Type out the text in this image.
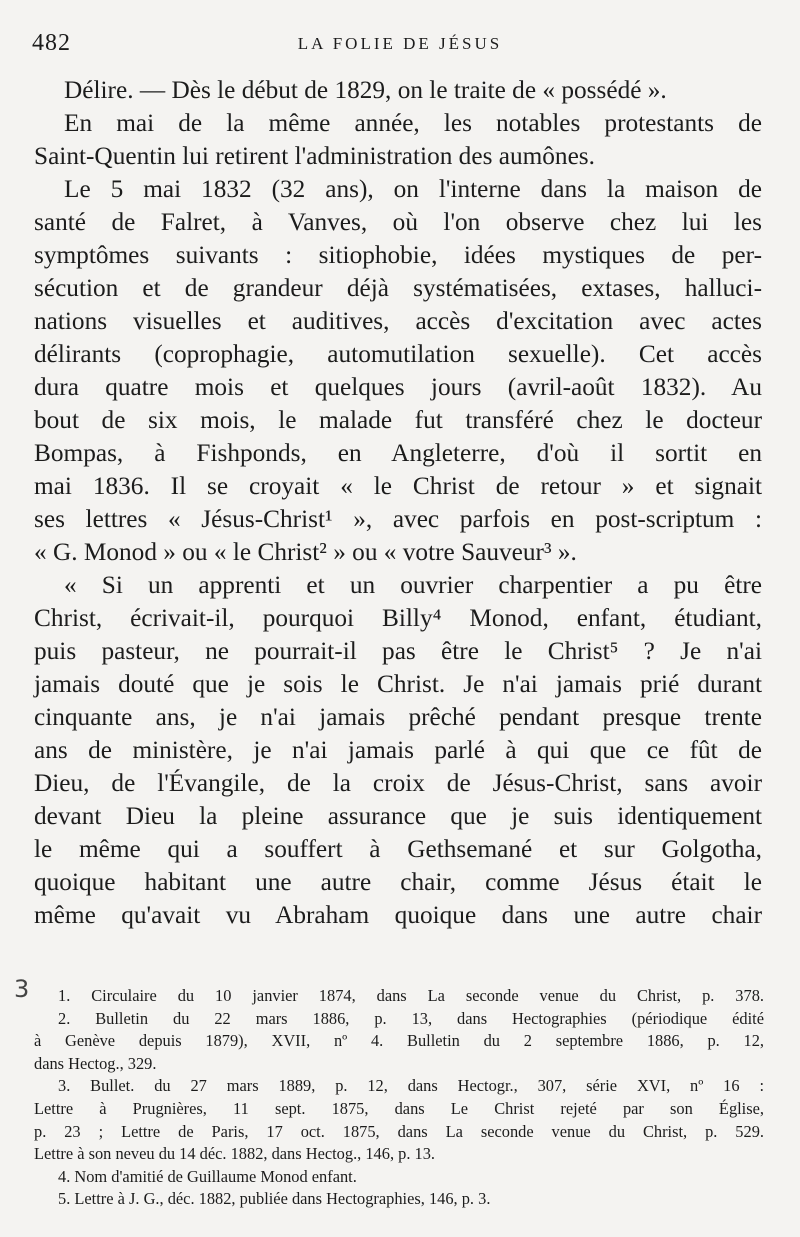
482	LA FOLIE DE JÉSUS
Délire. — Dès le début de 1829, on le traite de « possédé ».
En mai de la même année, les notables protestants de
Saint-Quentin lui retirent l'administration des aumônes.
Le 5 mai 1832 (32 ans), on l'interne dans la maison de
santé de Falret, à Vanves, où l'on observe chez lui les
symptômes suivants : sitiophobie, idées mystiques de per-
sécution et de grandeur déjà systématisées, extases, halluci-
nations visuelles et auditives, accès d'excitation avec actes
délirants (coprophagie, automutilation sexuelle). Cet accès
dura quatre mois et quelques jours (avril-août 1832). Au
bout de six mois, le malade fut transféré chez le docteur
Bompas, à Fishponds, en Angleterre, d'où il sortit en
mai 1836. Il se croyait « le Christ de retour » et signait
ses lettres « Jésus-Christ¹ », avec parfois en post-scriptum :
« G. Monod » ou « le Christ² » ou « votre Sauveur³ ».
« Si un apprenti et un ouvrier charpentier a pu être
Christ, écrivait-il, pourquoi Billy⁴ Monod, enfant, étudiant,
puis pasteur, ne pourrait-il pas être le Christ⁵ ? Je n'ai
jamais douté que je sois le Christ. Je n'ai jamais prié durant
cinquante ans, je n'ai jamais prêché pendant presque trente
ans de ministère, je n'ai jamais parlé à qui que ce fût de
Dieu, de l'Évangile, de la croix de Jésus-Christ, sans avoir
devant Dieu la pleine assurance que je suis identiquement
le même qui a souffert à Gethsemané et sur Golgotha,
quoique habitant une autre chair, comme Jésus était le
même qu'avait vu Abraham quoique dans une autre chair
3	1. Circulaire du 10 janvier 1874, dans La seconde venue du Christ, p. 378.
2. Bulletin du 22 mars 1886, p. 13, dans Hectographies (périodique édité
à Genève depuis 1879), XVII, nº 4. Bulletin du 2 septembre 1886, p. 12,
dans Hectog., 329.
3. Bullet. du 27 mars 1889, p. 12, dans Hectogr., 307, série XVI, nº 16 :
Lettre à Prugnières, 11 sept. 1875, dans Le Christ rejeté par son Église,
p. 23 ; Lettre de Paris, 17 oct. 1875, dans La seconde venue du Christ, p. 529.
Lettre à son neveu du 14 déc. 1882, dans Hectog., 146, p. 13.
4. Nom d'amitié de Guillaume Monod enfant.
5. Lettre à J. G., déc. 1882, publiée dans Hectographies, 146, p. 3.
